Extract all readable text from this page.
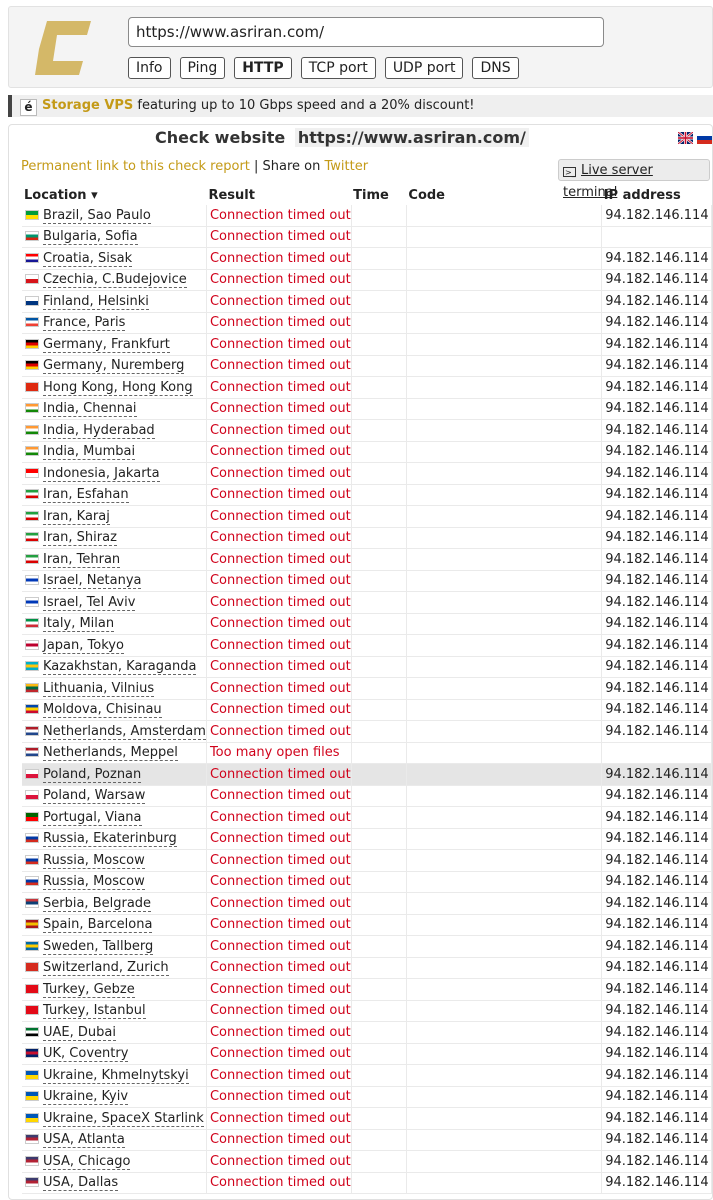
https://www.asriran.com/
Info	Ping	HTTP	TCP port	UDP port	DNS
é Storage VPS featuring up to 10 Gbps speed and a 20% discount!
Check website https://www.asriran.com/
Permanent link to this check report | Share on Twitter	>_ Live server terminal
Location ▾	Result	Time	Code	IP address
Brazil, Sao Paulo	Connection timed out			94.182.146.114
Bulgaria, Sofia	Connection timed out			
Croatia, Sisak	Connection timed out			94.182.146.114
Czechia, C.Budejovice	Connection timed out			94.182.146.114
Finland, Helsinki	Connection timed out			94.182.146.114
France, Paris	Connection timed out			94.182.146.114
Germany, Frankfurt	Connection timed out			94.182.146.114
Germany, Nuremberg	Connection timed out			94.182.146.114
Hong Kong, Hong Kong	Connection timed out			94.182.146.114
India, Chennai	Connection timed out			94.182.146.114
India, Hyderabad	Connection timed out			94.182.146.114
India, Mumbai	Connection timed out			94.182.146.114
Indonesia, Jakarta	Connection timed out			94.182.146.114
Iran, Esfahan	Connection timed out			94.182.146.114
Iran, Karaj	Connection timed out			94.182.146.114
Iran, Shiraz	Connection timed out			94.182.146.114
Iran, Tehran	Connection timed out			94.182.146.114
Israel, Netanya	Connection timed out			94.182.146.114
Israel, Tel Aviv	Connection timed out			94.182.146.114
Italy, Milan	Connection timed out			94.182.146.114
Japan, Tokyo	Connection timed out			94.182.146.114
Kazakhstan, Karaganda	Connection timed out			94.182.146.114
Lithuania, Vilnius	Connection timed out			94.182.146.114
Moldova, Chisinau	Connection timed out			94.182.146.114
Netherlands, Amsterdam	Connection timed out			94.182.146.114
Netherlands, Meppel	Too many open files			
Poland, Poznan	Connection timed out			94.182.146.114
Poland, Warsaw	Connection timed out			94.182.146.114
Portugal, Viana	Connection timed out			94.182.146.114
Russia, Ekaterinburg	Connection timed out			94.182.146.114
Russia, Moscow	Connection timed out			94.182.146.114
Russia, Moscow	Connection timed out			94.182.146.114
Serbia, Belgrade	Connection timed out			94.182.146.114
Spain, Barcelona	Connection timed out			94.182.146.114
Sweden, Tallberg	Connection timed out			94.182.146.114
Switzerland, Zurich	Connection timed out			94.182.146.114
Turkey, Gebze	Connection timed out			94.182.146.114
Turkey, Istanbul	Connection timed out			94.182.146.114
UAE, Dubai	Connection timed out			94.182.146.114
UK, Coventry	Connection timed out			94.182.146.114
Ukraine, Khmelnytskyi	Connection timed out			94.182.146.114
Ukraine, Kyiv	Connection timed out			94.182.146.114
Ukraine, SpaceX Starlink	Connection timed out			94.182.146.114
USA, Atlanta	Connection timed out			94.182.146.114
USA, Chicago	Connection timed out			94.182.146.114
USA, Dallas	Connection timed out			94.182.146.114
